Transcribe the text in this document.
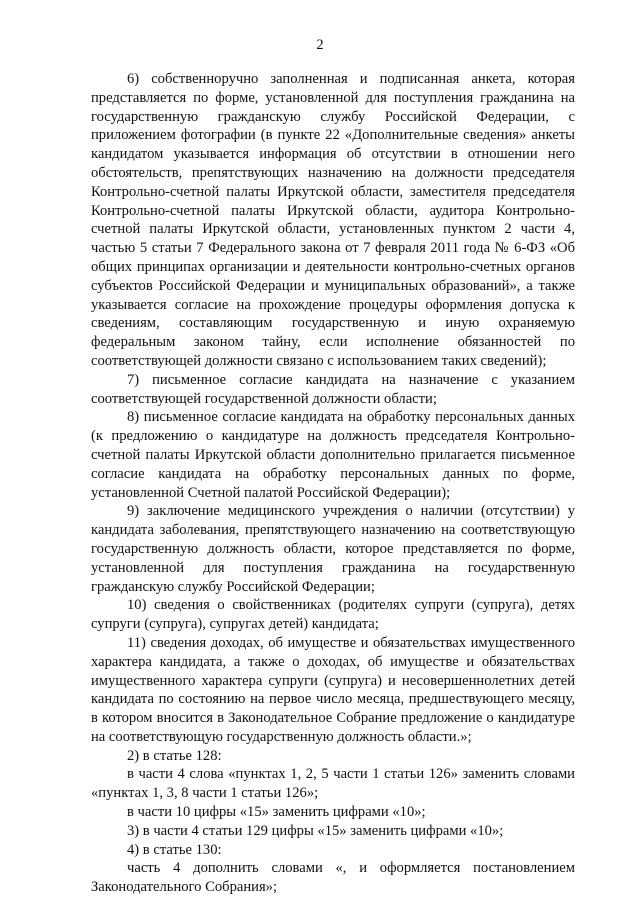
2

6) собственноручно заполненная и подписанная анкета, которая представляется по форме, установленной для поступления гражданина на государственную гражданскую службу Российской Федерации, с приложением фотографии (в пункте 22 «Дополнительные сведения» анкеты кандидатом указывается информация об отсутствии в отношении него обстоятельств, препятствующих назначению на должности председателя Контрольно-счетной палаты Иркутской области, заместителя председателя Контрольно-счетной палаты Иркутской области, аудитора Контрольно-счетной палаты Иркутской области, установленных пунктом 2 части 4, частью 5 статьи 7 Федерального закона от 7 февраля 2011 года № 6-ФЗ «Об общих принципах организации и деятельности контрольно-счетных органов субъектов Российской Федерации и муниципальных образований», а также указывается согласие на прохождение процедуры оформления допуска к сведениям, составляющим государственную и иную охраняемую федеральным законом тайну, если исполнение обязанностей по соответствующей должности связано с использованием таких сведений);

7) письменное согласие кандидата на назначение с указанием соответствующей государственной должности области;

8) письменное согласие кандидата на обработку персональных данных (к предложению о кандидатуре на должность председателя Контрольно-счетной палаты Иркутской области дополнительно прилагается письменное согласие кандидата на обработку персональных данных по форме, установленной Счетной палатой Российской Федерации);

9) заключение медицинского учреждения о наличии (отсутствии) у кандидата заболевания, препятствующего назначению на соответствующую государственную должность области, которое представляется по форме, установленной для поступления гражданина на государственную гражданскую службу Российской Федерации;

10) сведения о свойственниках (родителях супруги (супруга), детях супруги (супруга), супругах детей) кандидата;

11) сведения доходах, об имуществе и обязательствах имущественного характера кандидата, а также о доходах, об имуществе и обязательствах имущественного характера супруги (супруга) и несовершеннолетних детей кандидата по состоянию на первое число месяца, предшествующего месяцу, в котором вносится в Законодательное Собрание предложение о кандидатуре на соответствующую государственную должность области.»;

2) в статье 128:

в части 4 слова «пунктах 1, 2, 5 части 1 статьи 126» заменить словами «пунктах 1, 3, 8 части 1 статьи 126»;

в части 10 цифры «15» заменить цифрами «10»;

3) в части 4 статьи 129 цифры «15» заменить цифрами «10»;

4) в статье 130:

часть 4 дополнить словами «, и оформляется постановлением Законодательного Собрания»;
